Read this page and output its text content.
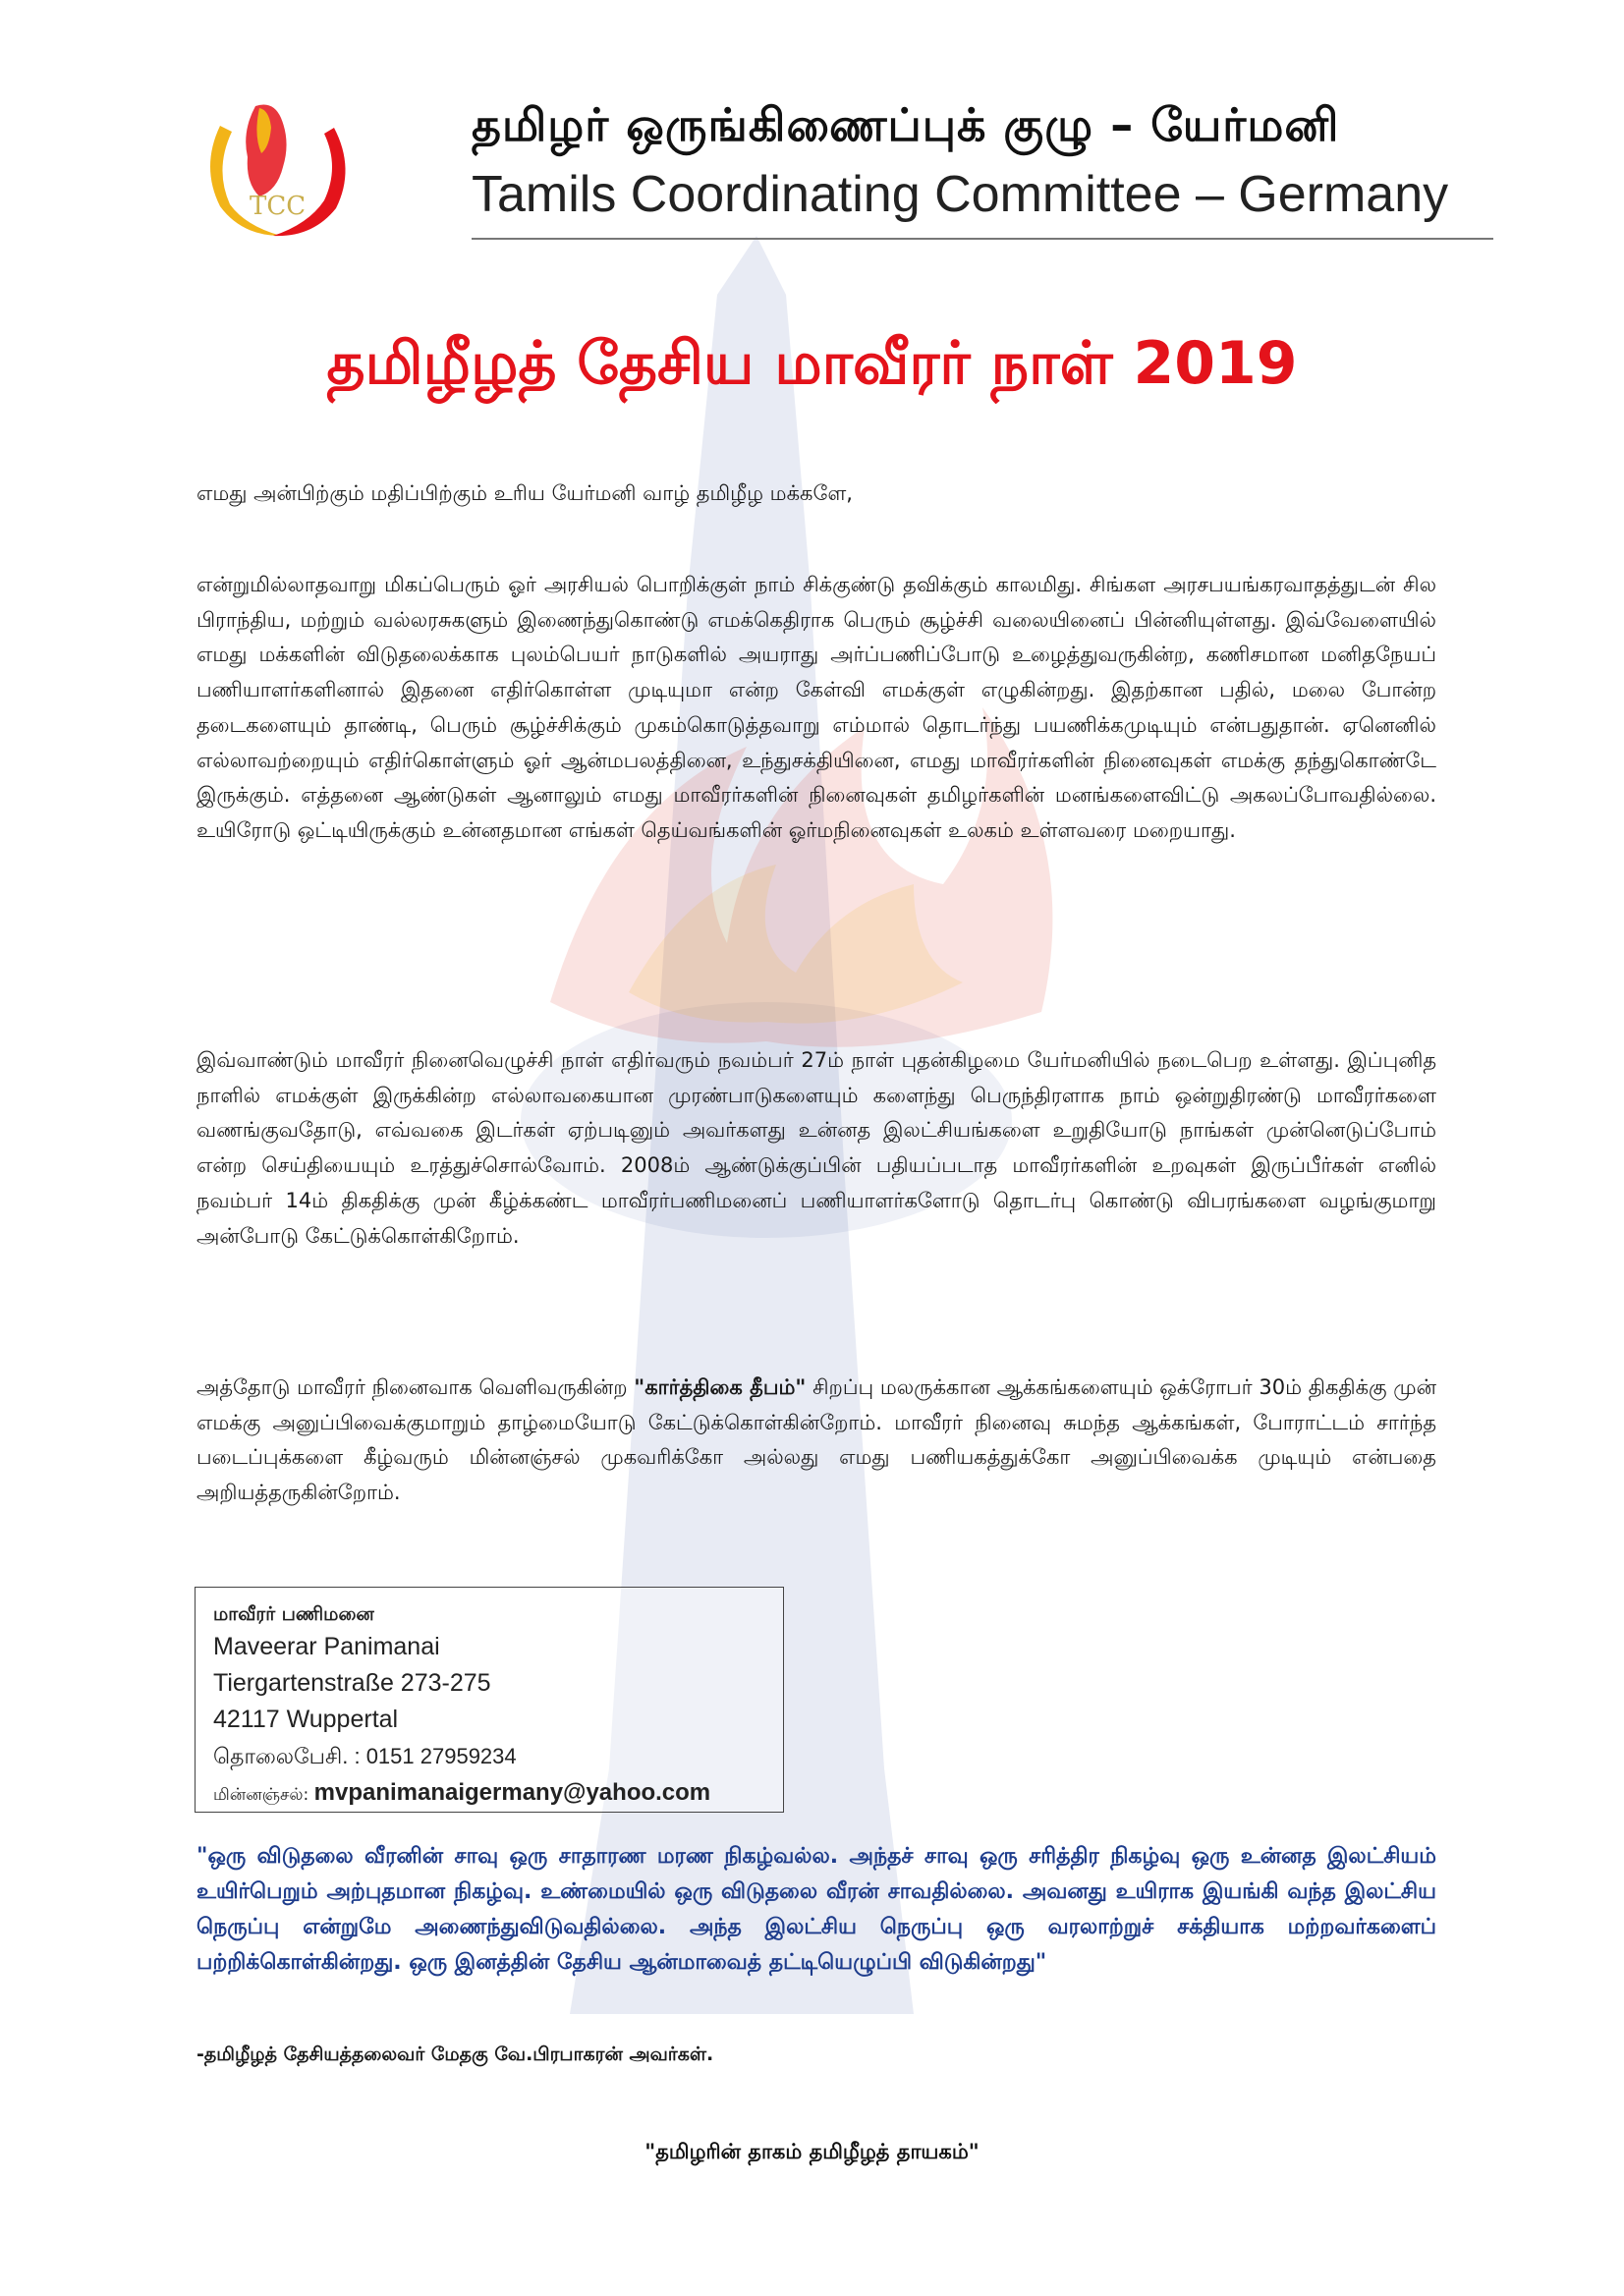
TCC
தமிழர் ஒருங்கிணைப்புக் குழு – யேர்மனி
Tamils Coordinating Committee – Germany
தமிழீழத் தேசிய மாவீரர் நாள் 2019
எமது அன்பிற்கும் மதிப்பிற்கும் உரிய யேர்மனி வாழ் தமிழீழ மக்களே,
என்றுமில்லாதவாறு மிகப்பெரும் ஓர் அரசியல் பொறிக்குள் நாம் சிக்குண்டு தவிக்கும் காலமிது. சிங்கள அரசபயங்கரவாதத்துடன் சில பிராந்திய, மற்றும் வல்லரசுகளும் இணைந்துகொண்டு எமக்கெதிராக பெரும் சூழ்ச்சி வலையினைப் பின்னியுள்ளது. இவ்வேளையில் எமது மக்களின் விடுதலைக்காக புலம்பெயர் நாடுகளில் அயராது அர்ப்பணிப்போடு உழைத்துவருகின்ற, கணிசமான மனிதநேயப் பணியாளர்களினால் இதனை எதிர்கொள்ள முடியுமா என்ற கேள்வி எமக்குள் எழுகின்றது. இதற்கான பதில், மலை போன்ற தடைகளையும் தாண்டி, பெரும் சூழ்ச்சிக்கும் முகம்கொடுத்தவாறு எம்மால் தொடர்ந்து பயணிக்கமுடியும் என்பதுதான். ஏனெனில் எல்லாவற்றையும் எதிர்கொள்ளும் ஓர் ஆன்மபலத்தினை, உந்துசக்தியினை, எமது மாவீரர்களின் நினைவுகள் எமக்கு தந்துகொண்டே இருக்கும். எத்தனை ஆண்டுகள் ஆனாலும் எமது மாவீரர்களின் நினைவுகள் தமிழர்களின் மனங்களைவிட்டு அகலப்போவதில்லை. உயிரோடு ஒட்டியிருக்கும் உன்னதமான எங்கள் தெய்வங்களின் ஓர்மநினைவுகள் உலகம் உள்ளவரை மறையாது.
இவ்வாண்டும் மாவீரர் நினைவெழுச்சி நாள் எதிர்வரும் நவம்பர் 27ம் நாள் புதன்கிழமை யேர்மனியில் நடைபெற உள்ளது. இப்புனித நாளில் எமக்குள் இருக்கின்ற எல்லாவகையான முரண்பாடுகளையும் களைந்து பெருந்திரளாக நாம் ஒன்றுதிரண்டு மாவீரர்களை வணங்குவதோடு, எவ்வகை இடர்கள் ஏற்படினும் அவர்களது உன்னத இலட்சியங்களை உறுதியோடு நாங்கள் முன்னெடுப்போம் என்ற செய்தியையும் உரத்துச்சொல்வோம். 2008ம் ஆண்டுக்குப்பின் பதியப்படாத மாவீரர்களின் உறவுகள் இருப்பீர்கள் எனில் நவம்பர் 14ம் திகதிக்கு முன் கீழ்க்கண்ட மாவீரர்பணிமனைப் பணியாளர்களோடு தொடர்பு கொண்டு விபரங்களை வழங்குமாறு அன்போடு கேட்டுக்கொள்கிறோம்.
அத்தோடு மாவீரர் நினைவாக வெளிவருகின்ற "கார்த்திகை தீபம்" சிறப்பு மலருக்கான ஆக்கங்களையும் ஒக்ரோபர் 30ம் திகதிக்கு முன் எமக்கு அனுப்பிவைக்குமாறும் தாழ்மையோடு கேட்டுக்கொள்கின்றோம். மாவீரர் நினைவு சுமந்த ஆக்கங்கள், போராட்டம் சார்ந்த படைப்புக்களை கீழ்வரும் மின்னஞ்சல் முகவரிக்கோ அல்லது எமது பணியகத்துக்கோ அனுப்பிவைக்க முடியும் என்பதை அறியத்தருகின்றோம்.
மாவீரர் பணிமனை
Maveerar Panimanai
Tiergartenstraße 273-275
42117 Wuppertal
தொலைபேசி. : 0151 27959234
மின்னஞ்சல்: mvpanimanaigermany@yahoo.com
"ஒரு விடுதலை வீரனின் சாவு ஒரு சாதாரண மரண நிகழ்வல்ல. அந்தச் சாவு ஒரு சரித்திர நிகழ்வு ஒரு உன்னத இலட்சியம் உயிர்பெறும் அற்புதமான நிகழ்வு. உண்மையில் ஒரு விடுதலை வீரன் சாவதில்லை. அவனது உயிராக இயங்கி வந்த இலட்சிய நெருப்பு என்றுமே அணைந்துவிடுவதில்லை. அந்த இலட்சிய நெருப்பு ஒரு வரலாற்றுச் சக்தியாக மற்றவர்களைப் பற்றிக்கொள்கின்றது. ஒரு இனத்தின் தேசிய ஆன்மாவைத் தட்டியெழுப்பி விடுகின்றது"
-தமிழீழத் தேசியத்தலைவர் மேதகு வே.பிரபாகரன் அவர்கள்.
"தமிழரின் தாகம் தமிழீழத் தாயகம்"
